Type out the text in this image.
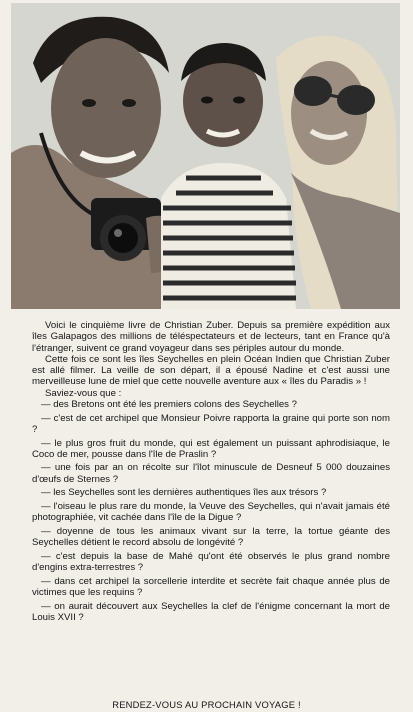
Voici le cinquième livre de Christian Zuber. Depuis sa première expédition aux îles Galapagos des millions de téléspectateurs et de lecteurs, tant en France qu'à l'étranger, suivent ce grand voyageur dans ses périples autour du monde.

Cette fois ce sont les îles Seychelles en plein Océan Indien que Christian Zuber est allé filmer. La veille de son départ, il a épousé Nadine et c'est aussi une merveilleuse lune de miel que cette nouvelle aventure aux « îles du Paradis » !

Saviez-vous que :

— des Bretons ont été les premiers colons des Seychelles ?
— c'est de cet archipel que Monsieur Poivre rapporta la graine qui porte son nom ?
— le plus gros fruit du monde, qui est également un puissant aphrodisiaque, le Coco de mer, pousse dans l'île de Praslin ?
— une fois par an on récolte sur l'îlot minuscule de Desneuf 5 000 douzaines d'œufs de Sternes ?
— les Seychelles sont les dernières authentiques îles aux trésors ?
— l'oiseau le plus rare du monde, la Veuve des Seychelles, qui n'avait jamais été photographiée, vit cachée dans l'île de la Digue ?
— doyenne de tous les animaux vivant sur la terre, la tortue géante des Seychelles détient le record absolu de longévité ?
— c'est depuis la base de Mahé qu'ont été observés le plus grand nombre d'engins extra-terrestres ?
— dans cet archipel la sorcellerie interdite et secrète fait chaque année plus de victimes que les requins ?
— on aurait découvert aux Seychelles la clef de l'énigme concernant la mort de Louis XVII ?
RENDEZ-VOUS AU PROCHAIN VOYAGE !
